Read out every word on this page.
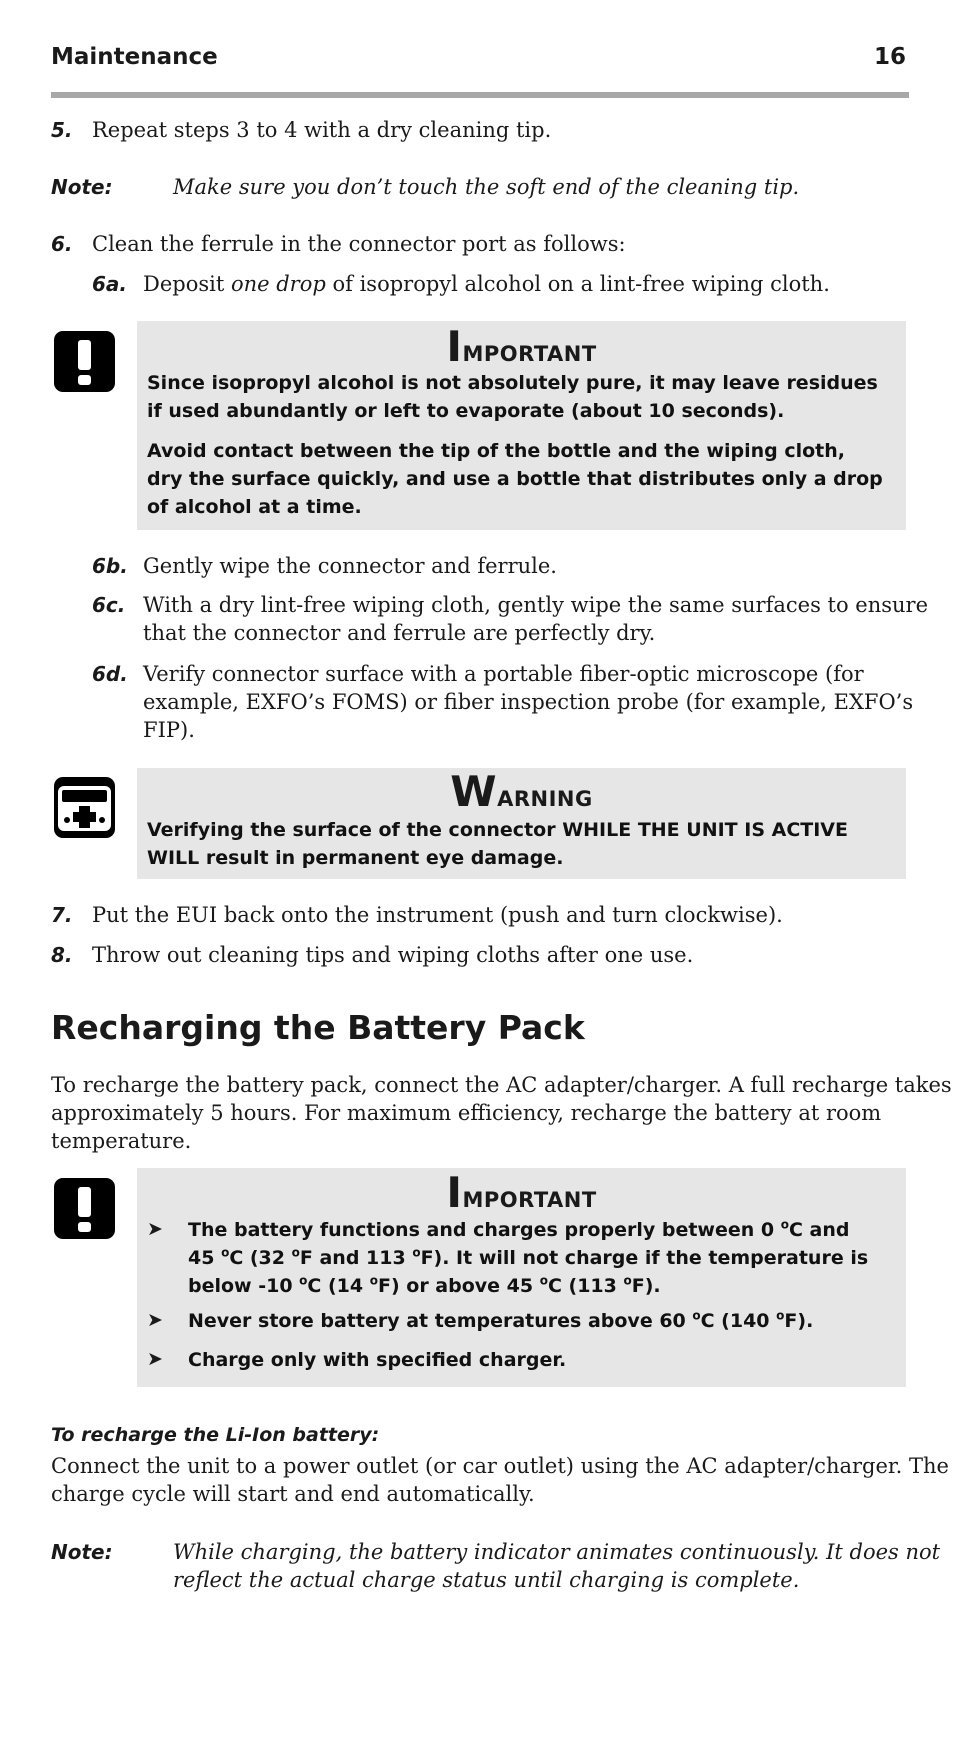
Maintenance	16
5. Repeat steps 3 to 4 with a dry cleaning tip.
Note:	Make sure you don’t touch the soft end of the cleaning tip.
6. Clean the ferrule in the connector port as follows:
6a. Deposit one drop of isopropyl alcohol on a lint-free wiping cloth.
Important
Since isopropyl alcohol is not absolutely pure, it may leave residues
if used abundantly or left to evaporate (about 10 seconds).
Avoid contact between the tip of the bottle and the wiping cloth,
dry the surface quickly, and use a bottle that distributes only a drop
of alcohol at a time.
6b. Gently wipe the connector and ferrule.
6c. With a dry lint-free wiping cloth, gently wipe the same surfaces to ensure
that the connector and ferrule are perfectly dry.
6d. Verify connector surface with a portable fiber-optic microscope (for
example, EXFO’s FOMS) or fiber inspection probe (for example, EXFO’s
FIP).
Warning
Verifying the surface of the connector WHILE THE UNIT IS ACTIVE
WILL result in permanent eye damage.
7. Put the EUI back onto the instrument (push and turn clockwise).
8. Throw out cleaning tips and wiping cloths after one use.
Recharging the Battery Pack
To recharge the battery pack, connect the AC adapter/charger. A full recharge takes
approximately 5 hours. For maximum efficiency, recharge the battery at room
temperature.
Important
➤ The battery functions and charges properly between 0 $^o$C and
45 $^o$C (32 $^o$F and 113 $^o$F). It will not charge if the temperature is
below -10 $^o$C (14 $^o$F) or above 45 $^o$C (113 $^o$F).
➤ Never store battery at temperatures above 60 $^o$C (140 $^o$F).
➤ Charge only with specified charger.
To recharge the Li-Ion battery:
Connect the unit to a power outlet (or car outlet) using the AC adapter/charger. The
charge cycle will start and end automatically.
Note:	While charging, the battery indicator animates continuously. It does not
reflect the actual charge status until charging is complete.
